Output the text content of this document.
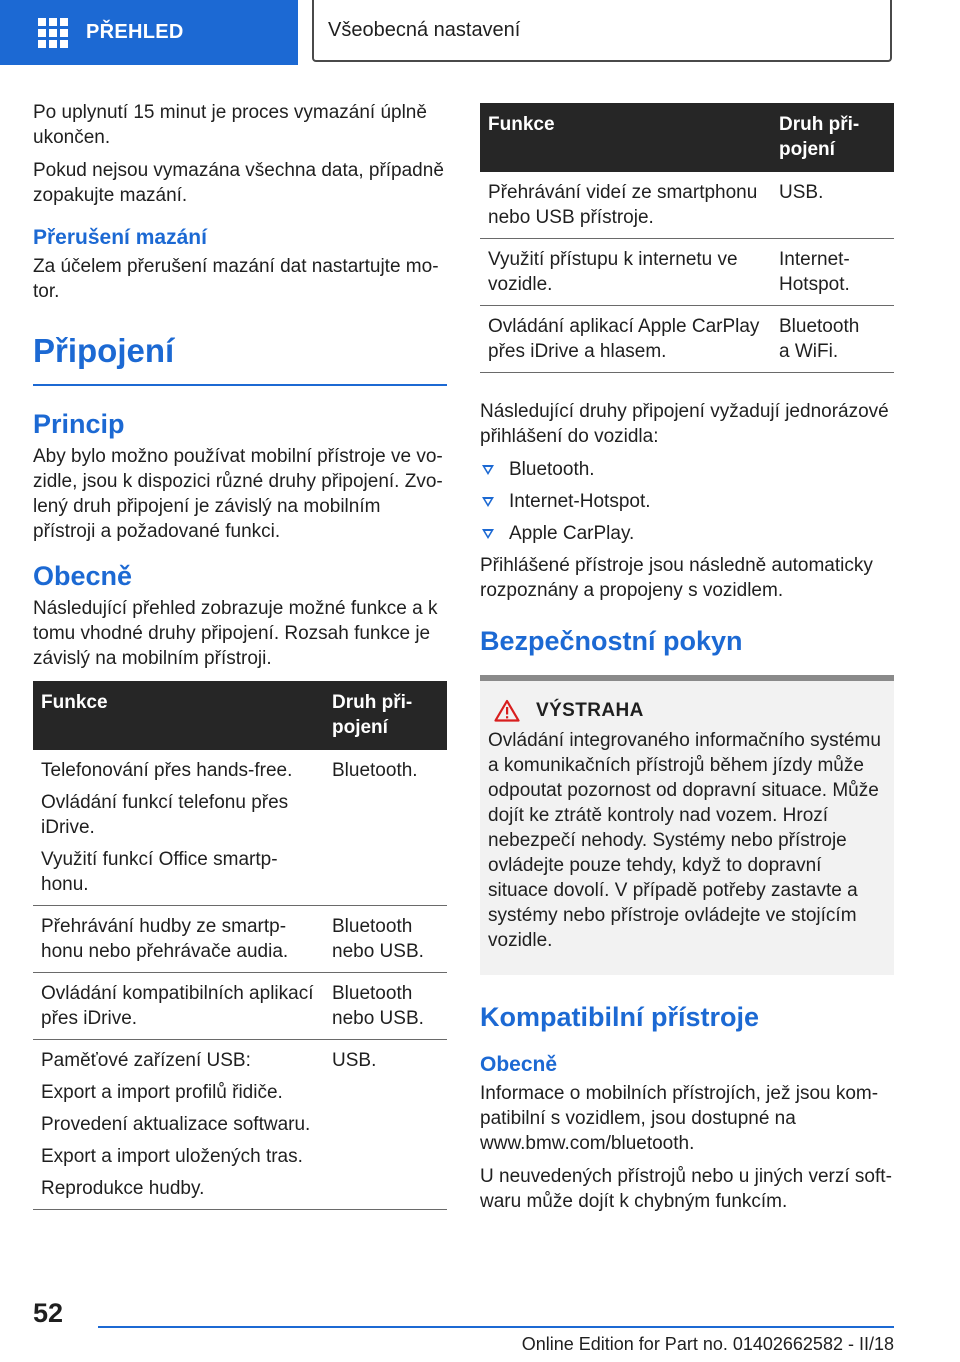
PŘEHLED	Všeobecná nastavení

Po uplynutí 15 minut je proces vymazání úplně ukončen.

Pokud nejsou vymazána všechna data, případně zopakujte mazání.

Přerušení mazání

Za účelem přerušení mazání dat nastartujte motor.

Připojení
Princip

Aby bylo možno používat mobilní přístroje ve vozidle, jsou k dispozici různé druhy připojení. Zvolený druh připojení je závislý na mobilním přístroji a požadované funkci.

Obecně

Následující přehled zobrazuje možné funkce a k tomu vhodné druhy připojení. Rozsah funkce je závislý na mobilním přístroji.

Funkce	Druh připojení

Telefonování přes hands-free.
Ovládání funkcí telefonu přes iDrive.
Využití funkcí Office smartphonu.	Bluetooth.

Přehrávání hudby ze smartphonu nebo přehrávače audia.	Bluetooth nebo USB.

Ovládání kompatibilních aplikací přes iDrive.	Bluetooth nebo USB.

Paměťové zařízení USB:
Export a import profilů řidiče.
Provedení aktualizace softwaru.
Export a import uložených tras.
Reprodukce hudby.	USB.
Funkce	Druh připojení
Přehrávání videí ze smartphonu nebo USB přístroje.	USB.
Využití přístupu k internetu ve vozidle.	Internet-Hotspot.
Ovládání aplikací Apple CarPlay přes iDrive a hlasem.	Bluetooth a WiFi.

Následující druhy připojení vyžadují jednorázové přihlášení do vozidla:

Bluetooth.
Internet-Hotspot.
Apple CarPlay.

Přihlášené přístroje jsou následně automaticky rozpoznány a propojeny s vozidlem.

Bezpečnostní pokyn
VÝSTRAHA

Ovládání integrovaného informačního systému a komunikačních přístrojů během jízdy může odpoutat pozornost od dopravní situace. Může dojít ke ztrátě kontroly nad vozem. Hrozí nebezpečí nehody. Systémy nebo přístroje ovládejte pouze tehdy, když to dopravní situace dovolí. V případě potřeby zastavte a systémy nebo přístroje ovládejte ve stojícím vozidle.

Kompatibilní přístroje
Obecně

Informace o mobilních přístrojích, jež jsou kompatibilní s vozidlem, jsou dostupné na www.bmw.com/bluetooth.

U neuvedených přístrojů nebo u jiných verzí softwaru může dojít k chybným funkcím.

52
Online Edition for Part no. 01402662582 - II/18
